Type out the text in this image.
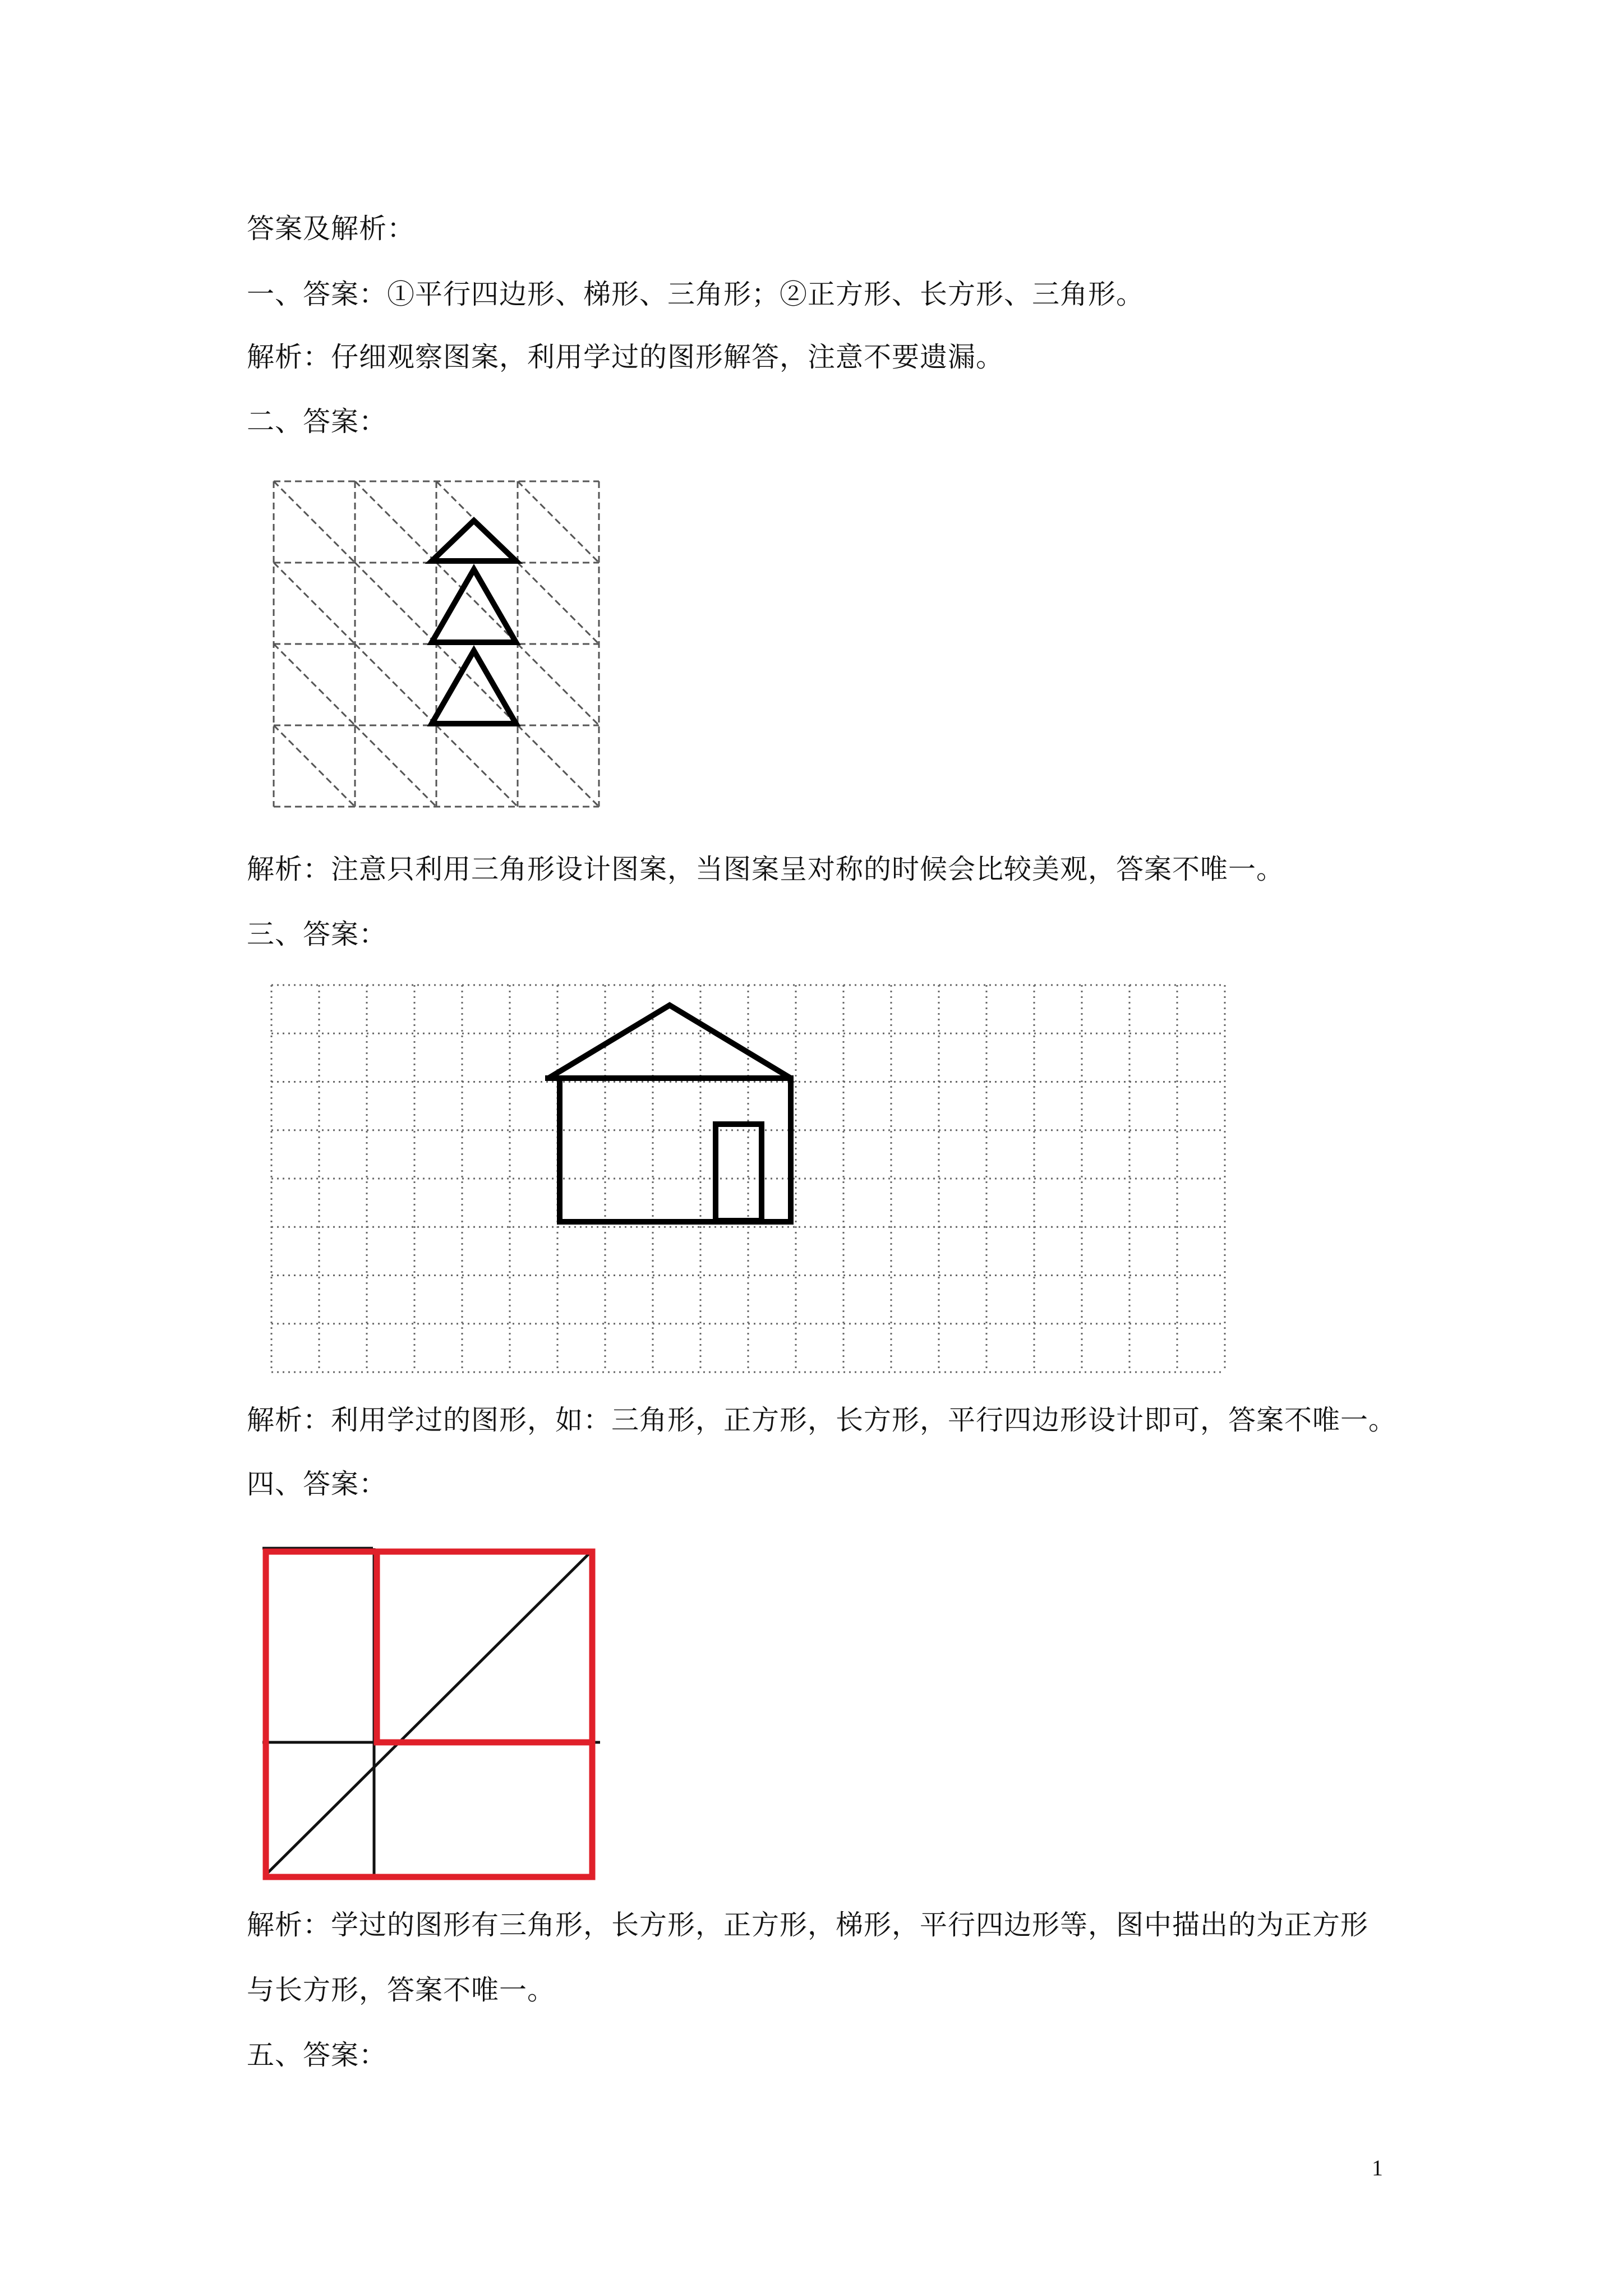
答案及解析：
一、答案：①平行四边形、梯形、三角形；②正方形、长方形、三角形。
解析：仔细观察图案，利用学过的图形解答，注意不要遗漏。
二、答案：
解析：注意只利用三角形设计图案，当图案呈对称的时候会比较美观，答案不唯一。
三、答案：
解析：利用学过的图形，如：三角形，正方形，长方形，平行四边形设计即可，答案不唯一。
四、答案：
解析：学过的图形有三角形，长方形，正方形，梯形，平行四边形等，图中描出的为正方形
与长方形，答案不唯一。
五、答案：
1
